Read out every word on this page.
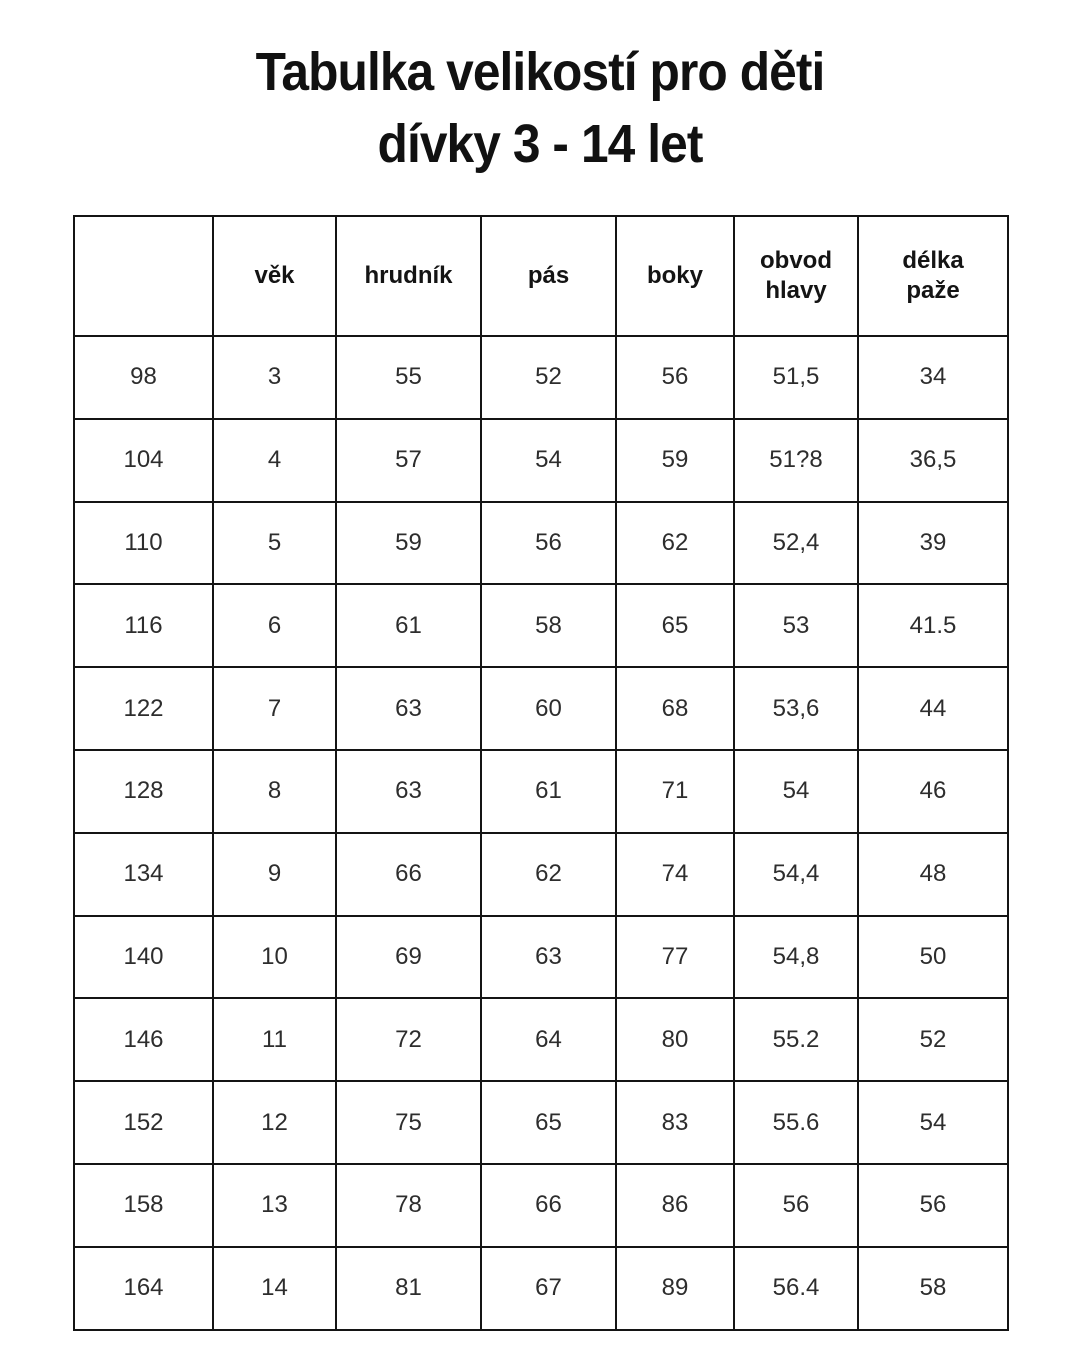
Tabulka velikostí pro děti
dívky 3 - 14 let
	věk	hrudník	pás	boky	obvod hlavy	délka paže
98	3	55	52	56	51,5	34
104	4	57	54	59	51?8	36,5
110	5	59	56	62	52,4	39
116	6	61	58	65	53	41.5
122	7	63	60	68	53,6	44
128	8	63	61	71	54	46
134	9	66	62	74	54,4	48
140	10	69	63	77	54,8	50
146	11	72	64	80	55.2	52
152	12	75	65	83	55.6	54
158	13	78	66	86	56	56
164	14	81	67	89	56.4	58
